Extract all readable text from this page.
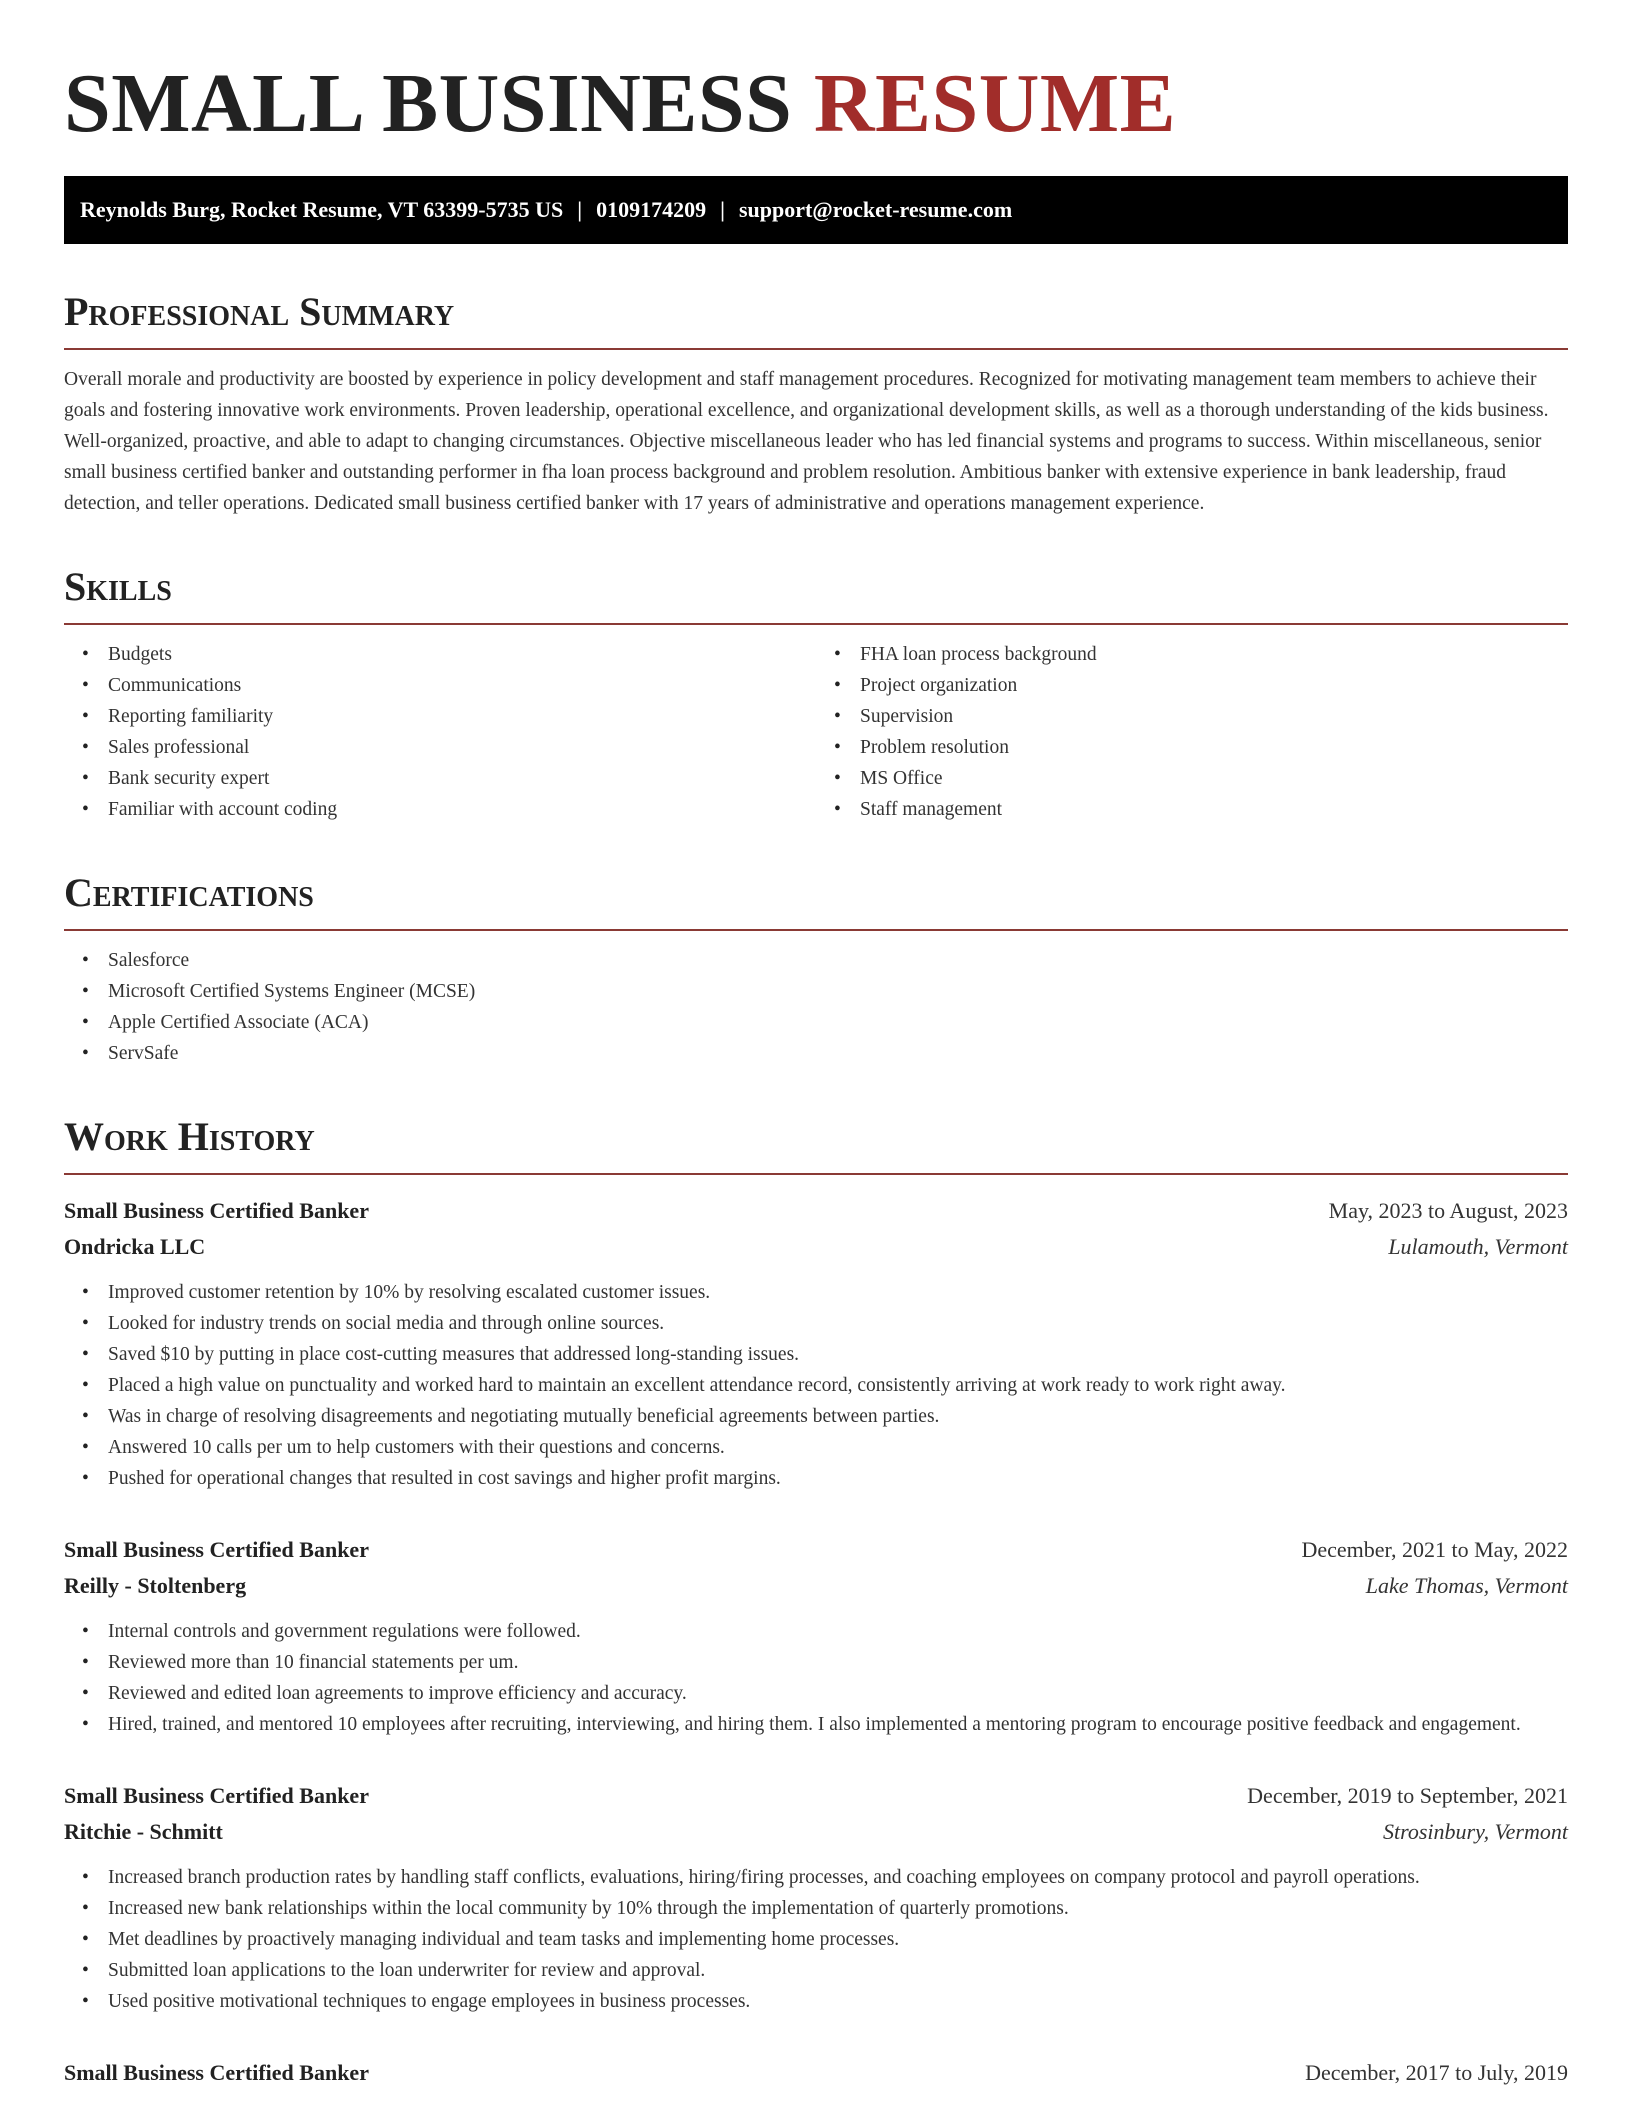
SMALL BUSINESS RESUME
Reynolds Burg, Rocket Resume, VT 63399-5735 US | 0109174209 | support@rocket-resume.com
Professional Summary
Overall morale and productivity are boosted by experience in policy development and staff management procedures. Recognized for motivating management team members to achieve their goals and fostering innovative work environments. Proven leadership, operational excellence, and organizational development skills, as well as a thorough understanding of the kids business. Well-organized, proactive, and able to adapt to changing circumstances. Objective miscellaneous leader who has led financial systems and programs to success. Within miscellaneous, senior small business certified banker and outstanding performer in fha loan process background and problem resolution. Ambitious banker with extensive experience in bank leadership, fraud detection, and teller operations. Dedicated small business certified banker with 17 years of administrative and operations management experience.
Skills
• Budgets
• Communications
• Reporting familiarity
• Sales professional
• Bank security expert
• Familiar with account coding
• FHA loan process background
• Project organization
• Supervision
• Problem resolution
• MS Office
• Staff management
Certifications
• Salesforce
• Microsoft Certified Systems Engineer (MCSE)
• Apple Certified Associate (ACA)
• ServSafe
Work History
Small Business Certified Banker	May, 2023 to August, 2023
Ondricka LLC	Lulamouth, Vermont
• Improved customer retention by 10% by resolving escalated customer issues.
• Looked for industry trends on social media and through online sources.
• Saved $10 by putting in place cost-cutting measures that addressed long-standing issues.
• Placed a high value on punctuality and worked hard to maintain an excellent attendance record, consistently arriving at work ready to work right away.
• Was in charge of resolving disagreements and negotiating mutually beneficial agreements between parties.
• Answered 10 calls per um to help customers with their questions and concerns.
• Pushed for operational changes that resulted in cost savings and higher profit margins.
Small Business Certified Banker	December, 2021 to May, 2022
Reilly - Stoltenberg	Lake Thomas, Vermont
• Internal controls and government regulations were followed.
• Reviewed more than 10 financial statements per um.
• Reviewed and edited loan agreements to improve efficiency and accuracy.
• Hired, trained, and mentored 10 employees after recruiting, interviewing, and hiring them. I also implemented a mentoring program to encourage positive feedback and engagement.
Small Business Certified Banker	December, 2019 to September, 2021
Ritchie - Schmitt	Strosinbury, Vermont
• Increased branch production rates by handling staff conflicts, evaluations, hiring/firing processes, and coaching employees on company protocol and payroll operations.
• Increased new bank relationships within the local community by 10% through the implementation of quarterly promotions.
• Met deadlines by proactively managing individual and team tasks and implementing home processes.
• Submitted loan applications to the loan underwriter for review and approval.
• Used positive motivational techniques to engage employees in business processes.
Small Business Certified Banker	December, 2017 to July, 2019
